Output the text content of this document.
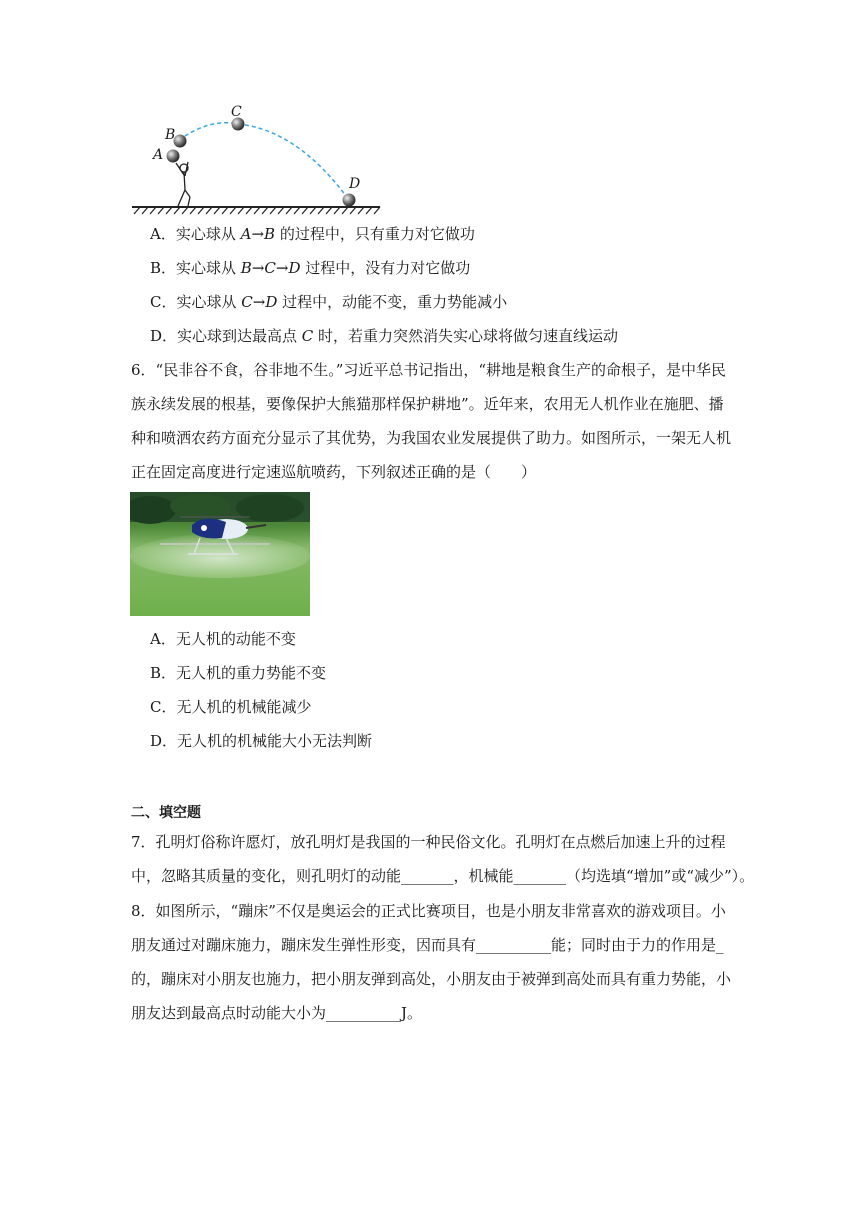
A
B
C
D
A．实心球从 A→B 的过程中，只有重力对它做功
B．实心球从 B→C→D 过程中，没有力对它做功
C．实心球从 C→D 过程中，动能不变，重力势能减小
D．实心球到达最高点 C 时，若重力突然消失实心球将做匀速直线运动
6．“民非谷不食，谷非地不生。”习近平总书记指出，“耕地是粮食生产的命根子，是中华民
族永续发展的根基，要像保护大熊猫那样保护耕地”。近年来，农用无人机作业在施肥、播
种和喷洒农药方面充分显示了其优势，为我国农业发展提供了助力。如图所示，一架无人机
正在固定高度进行定速巡航喷药，下列叙述正确的是（　　）
A．无人机的动能不变
B．无人机的重力势能不变
C．无人机的机械能减少
D．无人机的机械能大小无法判断
二、填空题
7．孔明灯俗称许愿灯，放孔明灯是我国的一种民俗文化。孔明灯在点燃后加速上升的过程
中，忽略其质量的变化，则孔明灯的动能_______，机械能_______（均选填“增加”或“减少”）。
8．如图所示，“蹦床”不仅是奥运会的正式比赛项目，也是小朋友非常喜欢的游戏项目。小
朋友通过对蹦床施力，蹦床发生弹性形变，因而具有__________能；同时由于力的作用是_
的，蹦床对小朋友也施力，把小朋友弹到高处，小朋友由于被弹到高处而具有重力势能，小
朋友达到最高点时动能大小为__________J。
